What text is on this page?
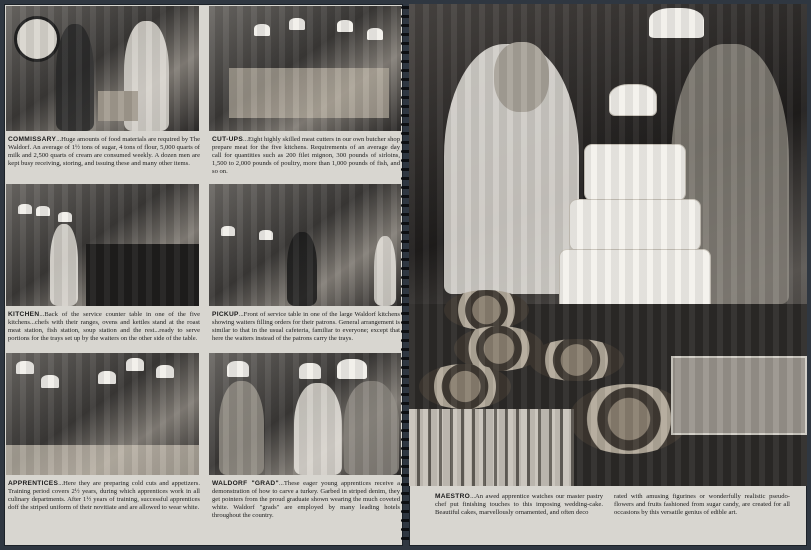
COMMISSARY...Huge amounts of food materials are required by The Waldorf. An average of 1½ tons of sugar, 4 tons of flour, 5,000 quarts of milk and 2,500 quarts of cream are consumed weekly. A dozen men are kept busy receiving, storing, and issuing these and many other items.
CUT-UPS...Eight highly skilled meat cutters in our own butcher shop prepare meat for the five kitchens. Requirements of an average day call for quantities such as 200 filet mignon, 300 pounds of sirloins, 1,500 to 2,000 pounds of poultry, more than 1,000 pounds of fish, and so on.
KITCHEN...Back of the service counter table in one of the five kitchens...chefs with their ranges, ovens and kettles stand at the roast meat station, fish station, soup station and the rest...ready to serve portions for the trays set up by the waiters on the other side of the table.
PICKUP...Front of service table in one of the large Waldorf kitchens showing waiters filling orders for their patrons. General arrangement is similar to that in the usual cafeteria, familiar to everyone; except that here the waiters instead of the patrons carry the trays.
APPRENTICES...Here they are preparing cold cuts and appetizers. Training period covers 2½ years, during which apprentices work in all culinary departments. After 1½ years of training, successful apprentices doff the striped uniform of their novitiate and are allowed to wear white.
WALDORF "GRAD"...These eager young apprentices receive a demonstration of how to carve a turkey. Garbed in striped denim, they get pointers from the proud graduate shown wearing the much coveted white. Waldorf "grads" are employed by many leading hotels throughout the country.
MAESTRO...An awed apprentice watches our master pastry chef put finishing touches to this imposing wedding-cake. Beautiful cakes, marvellously ornamented, and often deco
rated with amusing figurines or wonderfully realistic pseudo-flowers and fruits fashioned from sugar candy, are created for all occasions by this versatile genius of edible art.
